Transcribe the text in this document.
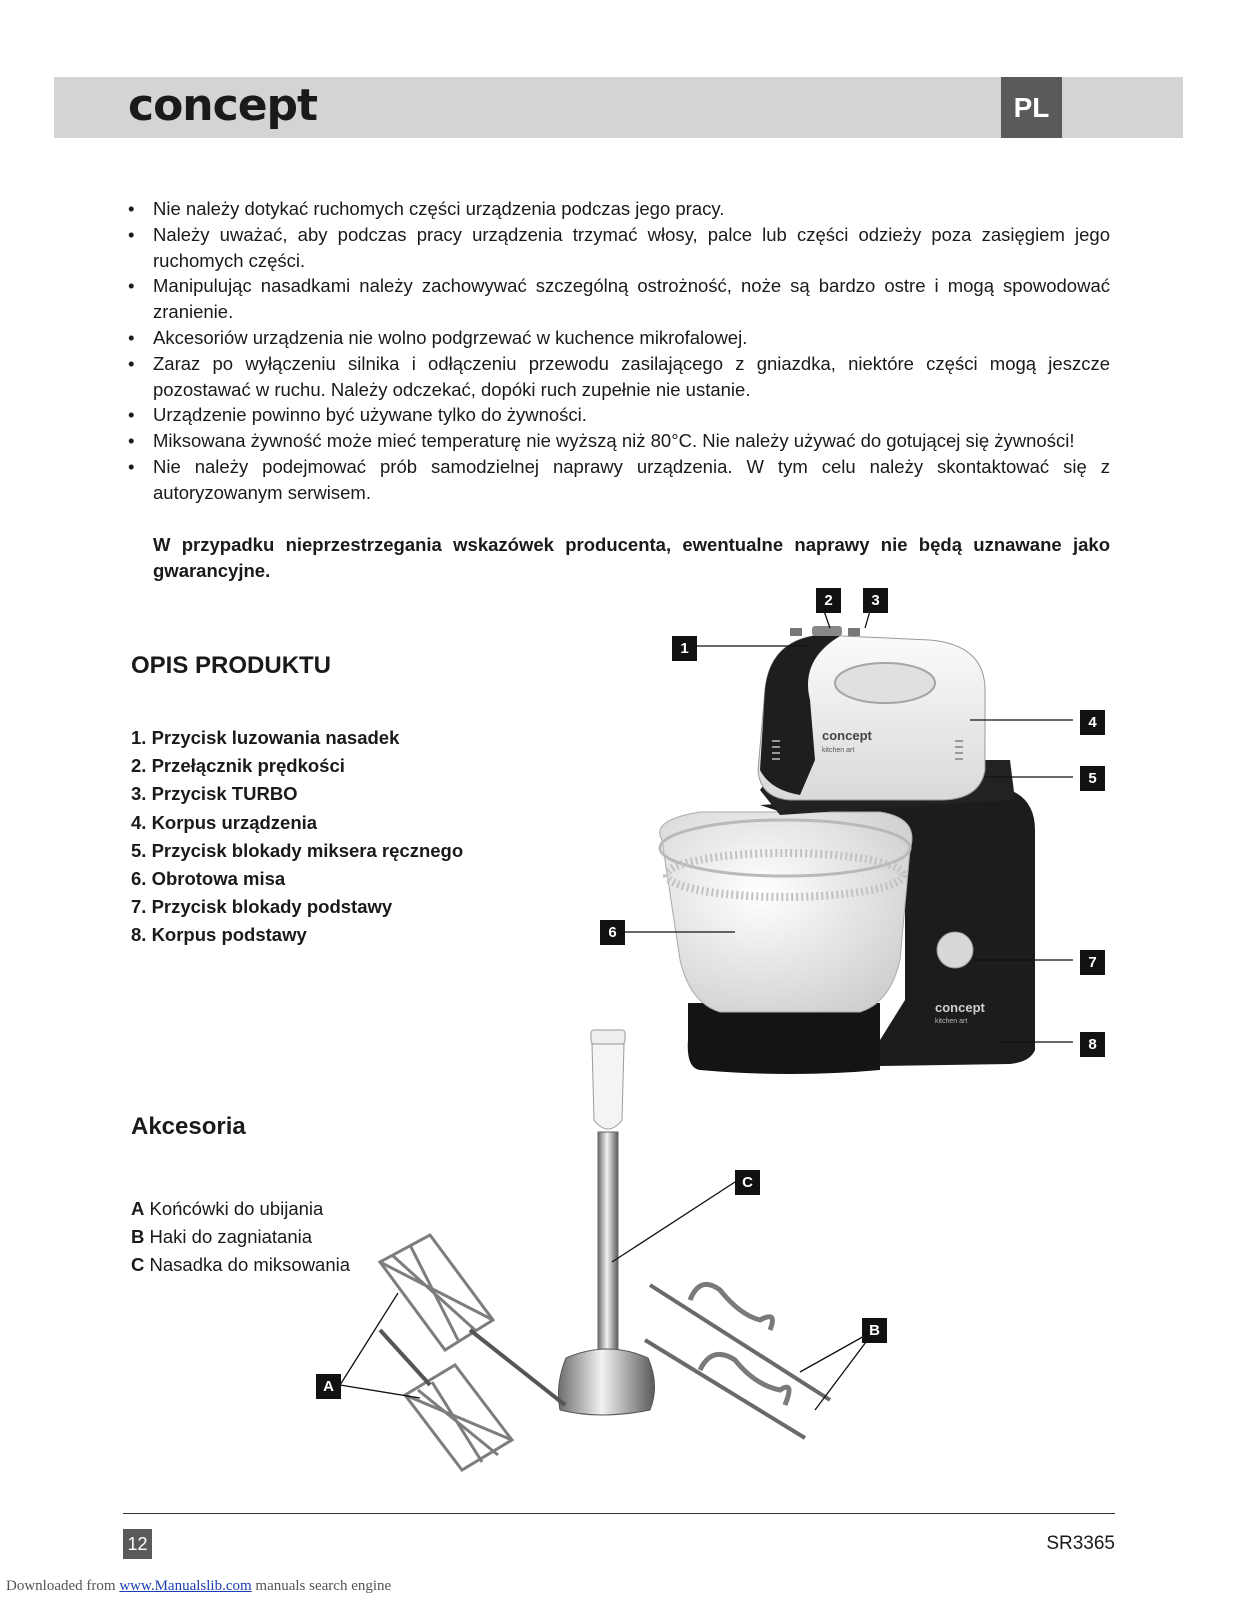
concept	PL
• Nie należy dotykać ruchomych części urządzenia podczas jego pracy.
• Należy uważać, aby podczas pracy urządzenia trzymać włosy, palce lub części odzieży poza zasięgiem jego ruchomych części.
• Manipulując nasadkami należy zachowywać szczególną ostrożność, noże są bardzo ostre i mogą spowodować zranienie.
• Akcesoriów urządzenia nie wolno podgrzewać w kuchence mikrofalowej.
• Zaraz po wyłączeniu silnika i odłączeniu przewodu zasilającego z gniazdka, niektóre części mogą jeszcze pozostawać w ruchu. Należy odczekać, dopóki ruch zupełnie nie ustanie.
• Urządzenie powinno być używane tylko do żywności.
• Miksowana żywność może mieć temperaturę nie wyższą niż 80°C. Nie należy używać do gotującej się żywności!
• Nie należy podejmować prób samodzielnej naprawy urządzenia. W tym celu należy skontaktować się z autoryzowanym serwisem.

W przypadku nieprzestrzegania wskazówek producenta, ewentualne naprawy nie będą uznawane jako gwarancyjne.

OPIS PRODUKTU
1. Przycisk luzowania nasadek
2. Przełącznik prędkości
3. Przycisk TURBO
4. Korpus urządzenia
5. Przycisk blokady miksera ręcznego
6. Obrotowa misa
7. Przycisk blokady podstawy
8. Korpus podstawy
Akcesoria
A Końcówki do ubijania
B Haki do zagniatania
C Nasadka do miksowania
concept
kitchen art
concept
kitchen art
1
2	3
4
5
6
7
8
A
B
C
12	SR3365
Downloaded from www.Manualslib.com manuals search engine
